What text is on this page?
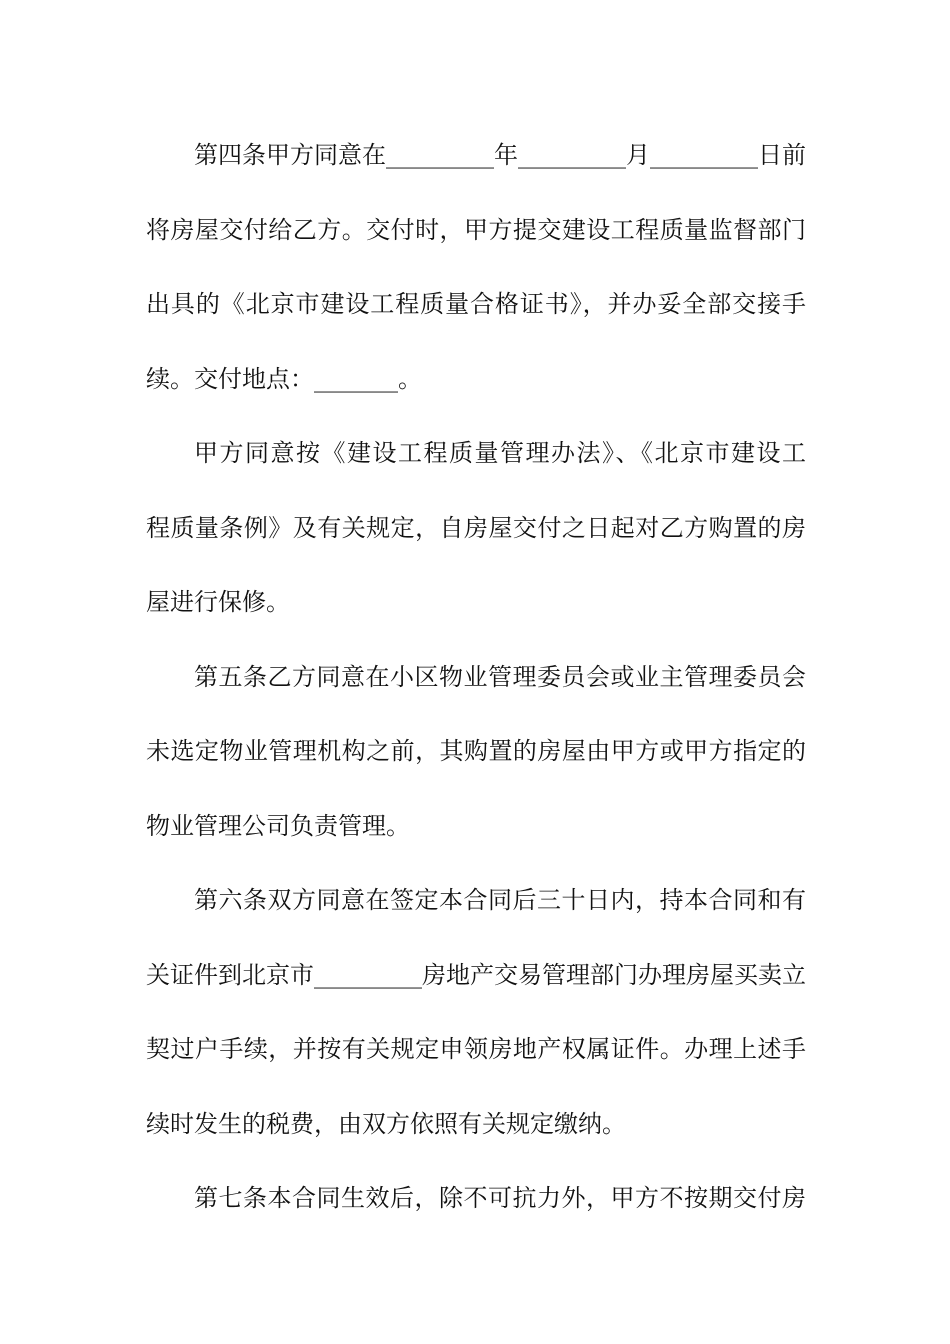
第四条甲方同意在_________年_________月_________日前
将房屋交付给乙方。交付时，甲方提交建设工程质量监督部门
出具的《北京市建设工程质量合格证书》，并办妥全部交接手
续。交付地点：_______。
甲方同意按《建设工程质量管理办法》、《北京市建设工
程质量条例》及有关规定，自房屋交付之日起对乙方购置的房
屋进行保修。
第五条乙方同意在小区物业管理委员会或业主管理委员会
未选定物业管理机构之前，其购置的房屋由甲方或甲方指定的
物业管理公司负责管理。
第六条双方同意在签定本合同后三十日内，持本合同和有
关证件到北京市_________房地产交易管理部门办理房屋买卖立
契过户手续，并按有关规定申领房地产权属证件。办理上述手
续时发生的税费，由双方依照有关规定缴纳。
第七条本合同生效后，除不可抗力外，甲方不按期交付房
